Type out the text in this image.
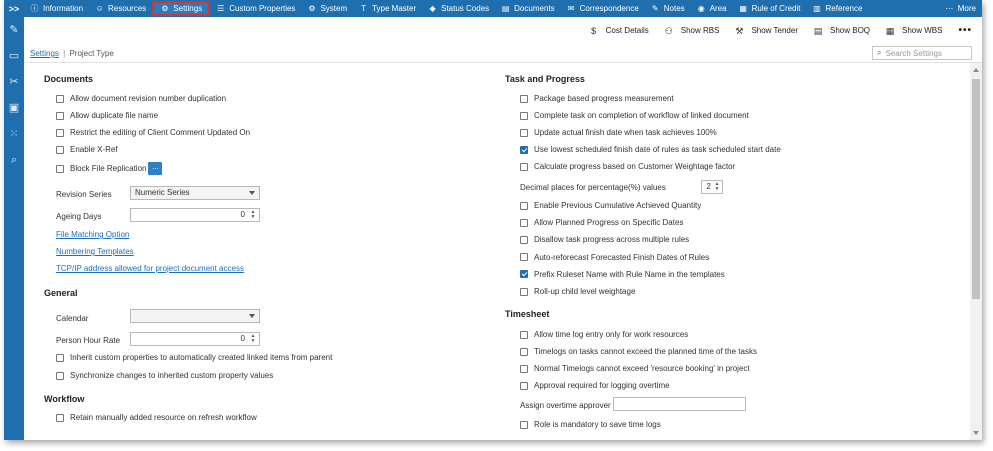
>>	ⓘ Information ☺ Resources ⚙ Settings ☰ Custom Properties ⚙ System T Type Master ◆ Status Codes ▤ Documents ✉ Correspondence ✎ Notes ◉ Area ▦ Rule of Credit ▥ Reference	⋯ More
✎
▭
✂
▣
⁙
⌕
$	Cost Details ⚇ Show RBS ⚒ Show Tender ▤ Show BOQ ▦ Show WBS •••
Settings | Project Type	⌕ Search Settings
Documents
Allow document revision number duplication
Allow duplicate file name
Restrict the editing of Client Comment Updated On
Enable X-Ref
Block File Replication ...
Revision Series	Numeric Series
Ageing Days	0	▲
▼
File Matching Option
Numbering Templates
TCP/IP address allowed for project document access
General
Calendar
Person Hour Rate	0	▲
▼
Inherit custom properties to automatically created linked items from parent
Synchronize changes to inherited custom property values
Workflow
Retain manually added resource on refresh workflow
Task and Progress
Package based progress measurement
Complete task on completion of workflow of linked document
Update actual finish date when task achieves 100%
Use lowest scheduled finish date of rules as task scheduled start date
Calculate progress based on Customer Weightage factor
Decimal places for percentage(%) values	2 ▲
▼
Enable Previous Cumulative Achieved Quantity
Allow Planned Progress on Specific Dates
Disallow task progress across multiple rules
Auto-reforecast Forecasted Finish Dates of Rules
Prefix Ruleset Name with Rule Name in the templates
Roll-up child level weightage
Timesheet
Allow time log entry only for work resources
Timelogs on tasks cannot exceed the planned time of the tasks
Normal Timelogs cannot exceed 'resource booking' in project
Approval required for logging overtime
Assign overtime approver
Role is mandatory to save time logs
